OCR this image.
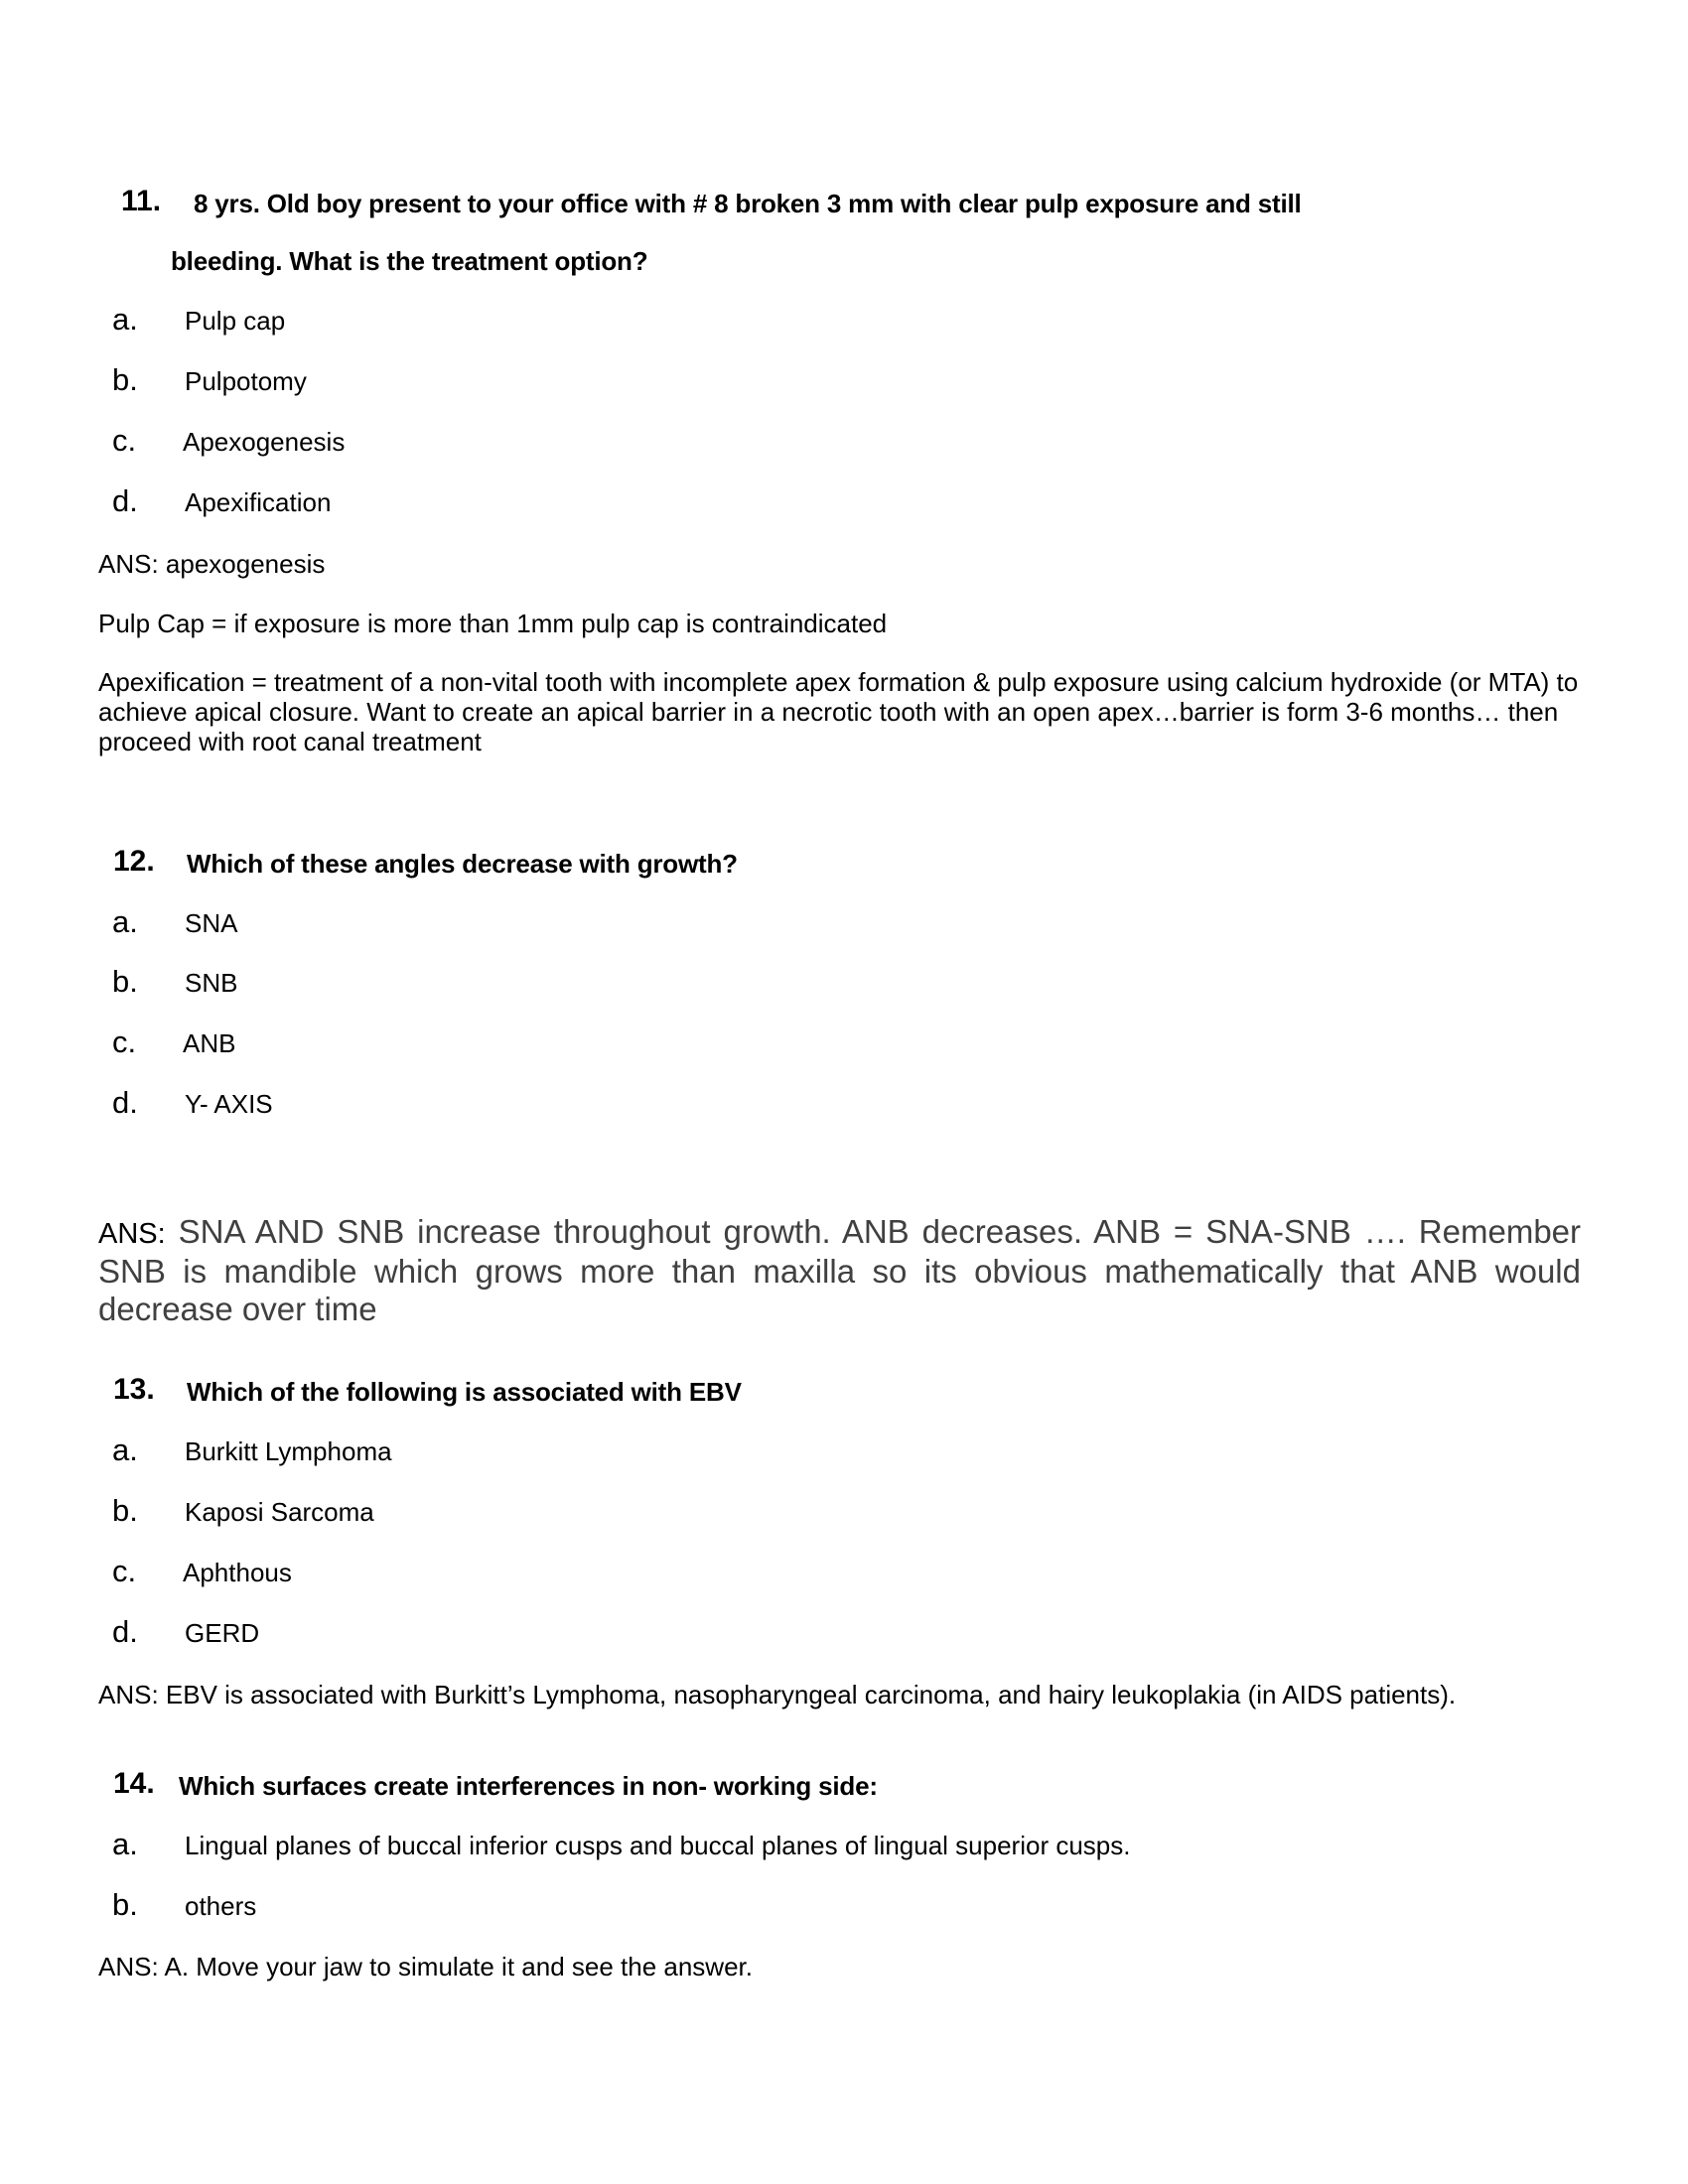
11. 8 yrs. Old boy present to your office with # 8 broken 3 mm with clear pulp exposure and still
bleeding. What is the treatment option?
a. Pulp cap
b. Pulpotomy
c. Apexogenesis
d. Apexification
ANS: apexogenesis
Pulp Cap = if exposure is more than 1mm pulp cap is contraindicated
Apexification = treatment of a non-vital tooth with incomplete apex formation & pulp exposure using calcium hydroxide (or MTA) to achieve apical closure. Want to create an apical barrier in a necrotic tooth with an open apex…barrier is form 3-6 months… then proceed with root canal treatment
12. Which of these angles decrease with growth?
a. SNA
b. SNB
c. ANB
d. Y- AXIS
ANS: SNA AND SNB increase throughout growth. ANB decreases. ANB = SNA-SNB …. Remember SNB is mandible which grows more than maxilla so its obvious mathematically that ANB would decrease over time
13. Which of the following is associated with EBV
a. Burkitt Lymphoma
b. Kaposi Sarcoma
c. Aphthous
d. GERD
ANS: EBV is associated with Burkitt’s Lymphoma, nasopharyngeal carcinoma, and hairy leukoplakia (in AIDS patients).
14. Which surfaces create interferences in non- working side:
a. Lingual planes of buccal inferior cusps and buccal planes of lingual superior cusps.
b. others
ANS: A. Move your jaw to simulate it and see the answer.
